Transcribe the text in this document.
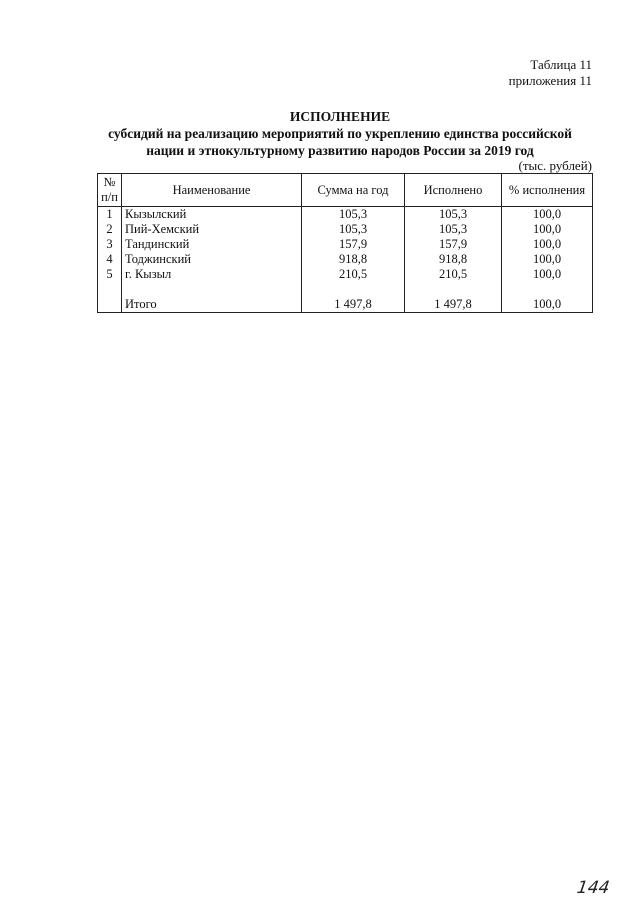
Таблица 11
приложения 11
ИСПОЛНЕНИЕ
субсидий на реализацию мероприятий по укреплению единства российской
нации и этнокультурному развитию народов России за 2019 год
(тыс. рублей)
№ п/п	Наименование	Сумма на год	Исполнено	% исполнения
1	Кызылский	105,3	105,3	100,0
2	Пий-Хемский	105,3	105,3	100,0
3	Тандинский	157,9	157,9	100,0
4	Тоджинский	918,8	918,8	100,0
5	г. Кызыл	210,5	210,5	100,0

	Итого	1 497,8	1 497,8	100,0
144
